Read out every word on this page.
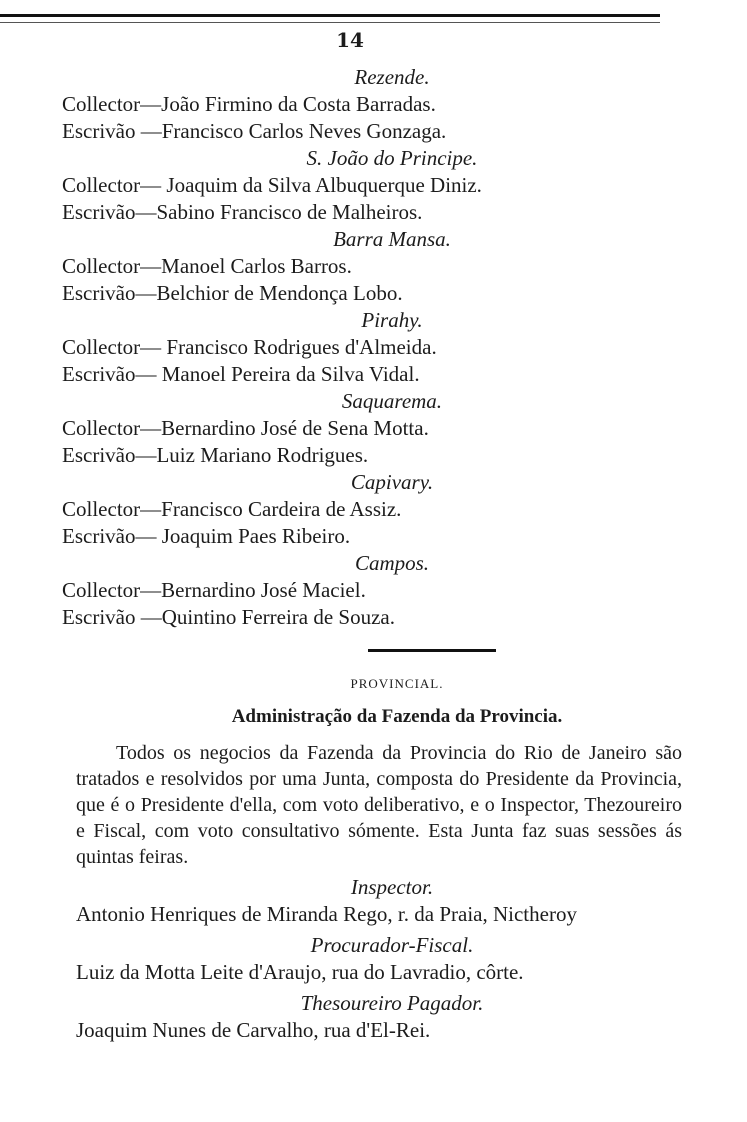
14
Rezende.
Collector—João Firmino da Costa Barradas.
Escrivão —Francisco Carlos Neves Gonzaga.
S. João do Principe.
Collector— Joaquim da Silva Albuquerque Diniz.
Escrivão—Sabino Francisco de Malheiros.
Barra Mansa.
Collector—Manoel Carlos Barros.
Escrivão—Belchior de Mendonça Lobo.
Pirahy.
Collector— Francisco Rodrigues d'Almeida.
Escrivão— Manoel Pereira da Silva Vidal.
Saquarema.
Collector—Bernardino José de Sena Motta.
Escrivão—Luiz Mariano Rodrigues.
Capivary.
Collector—Francisco Cardeira de Assiz.
Escrivão— Joaquim Paes Ribeiro.
Campos.
Collector—Bernardino José Maciel.
Escrivão —Quintino Ferreira de Souza.
PROVINCIAL.
Administração da Fazenda da Provincia.
Todos os negocios da Fazenda da Provincia do Rio de Janeiro são tratados e resolvidos por uma Junta, composta do Presidente da Provincia, que é o Presidente d'ella, com voto deliberativo, e o Inspector, Thezoureiro e Fiscal, com voto consultativo sómente. Esta Junta faz suas sessões ás quintas feiras.
Inspector.
Antonio Henriques de Miranda Rego, r. da Praia, Nictheroy
Procurador-Fiscal.
Luiz da Motta Leite d'Araujo, rua do Lavradio, côrte.
Thesoureiro Pagador.
Joaquim Nunes de Carvalho, rua d'El-Rei.
